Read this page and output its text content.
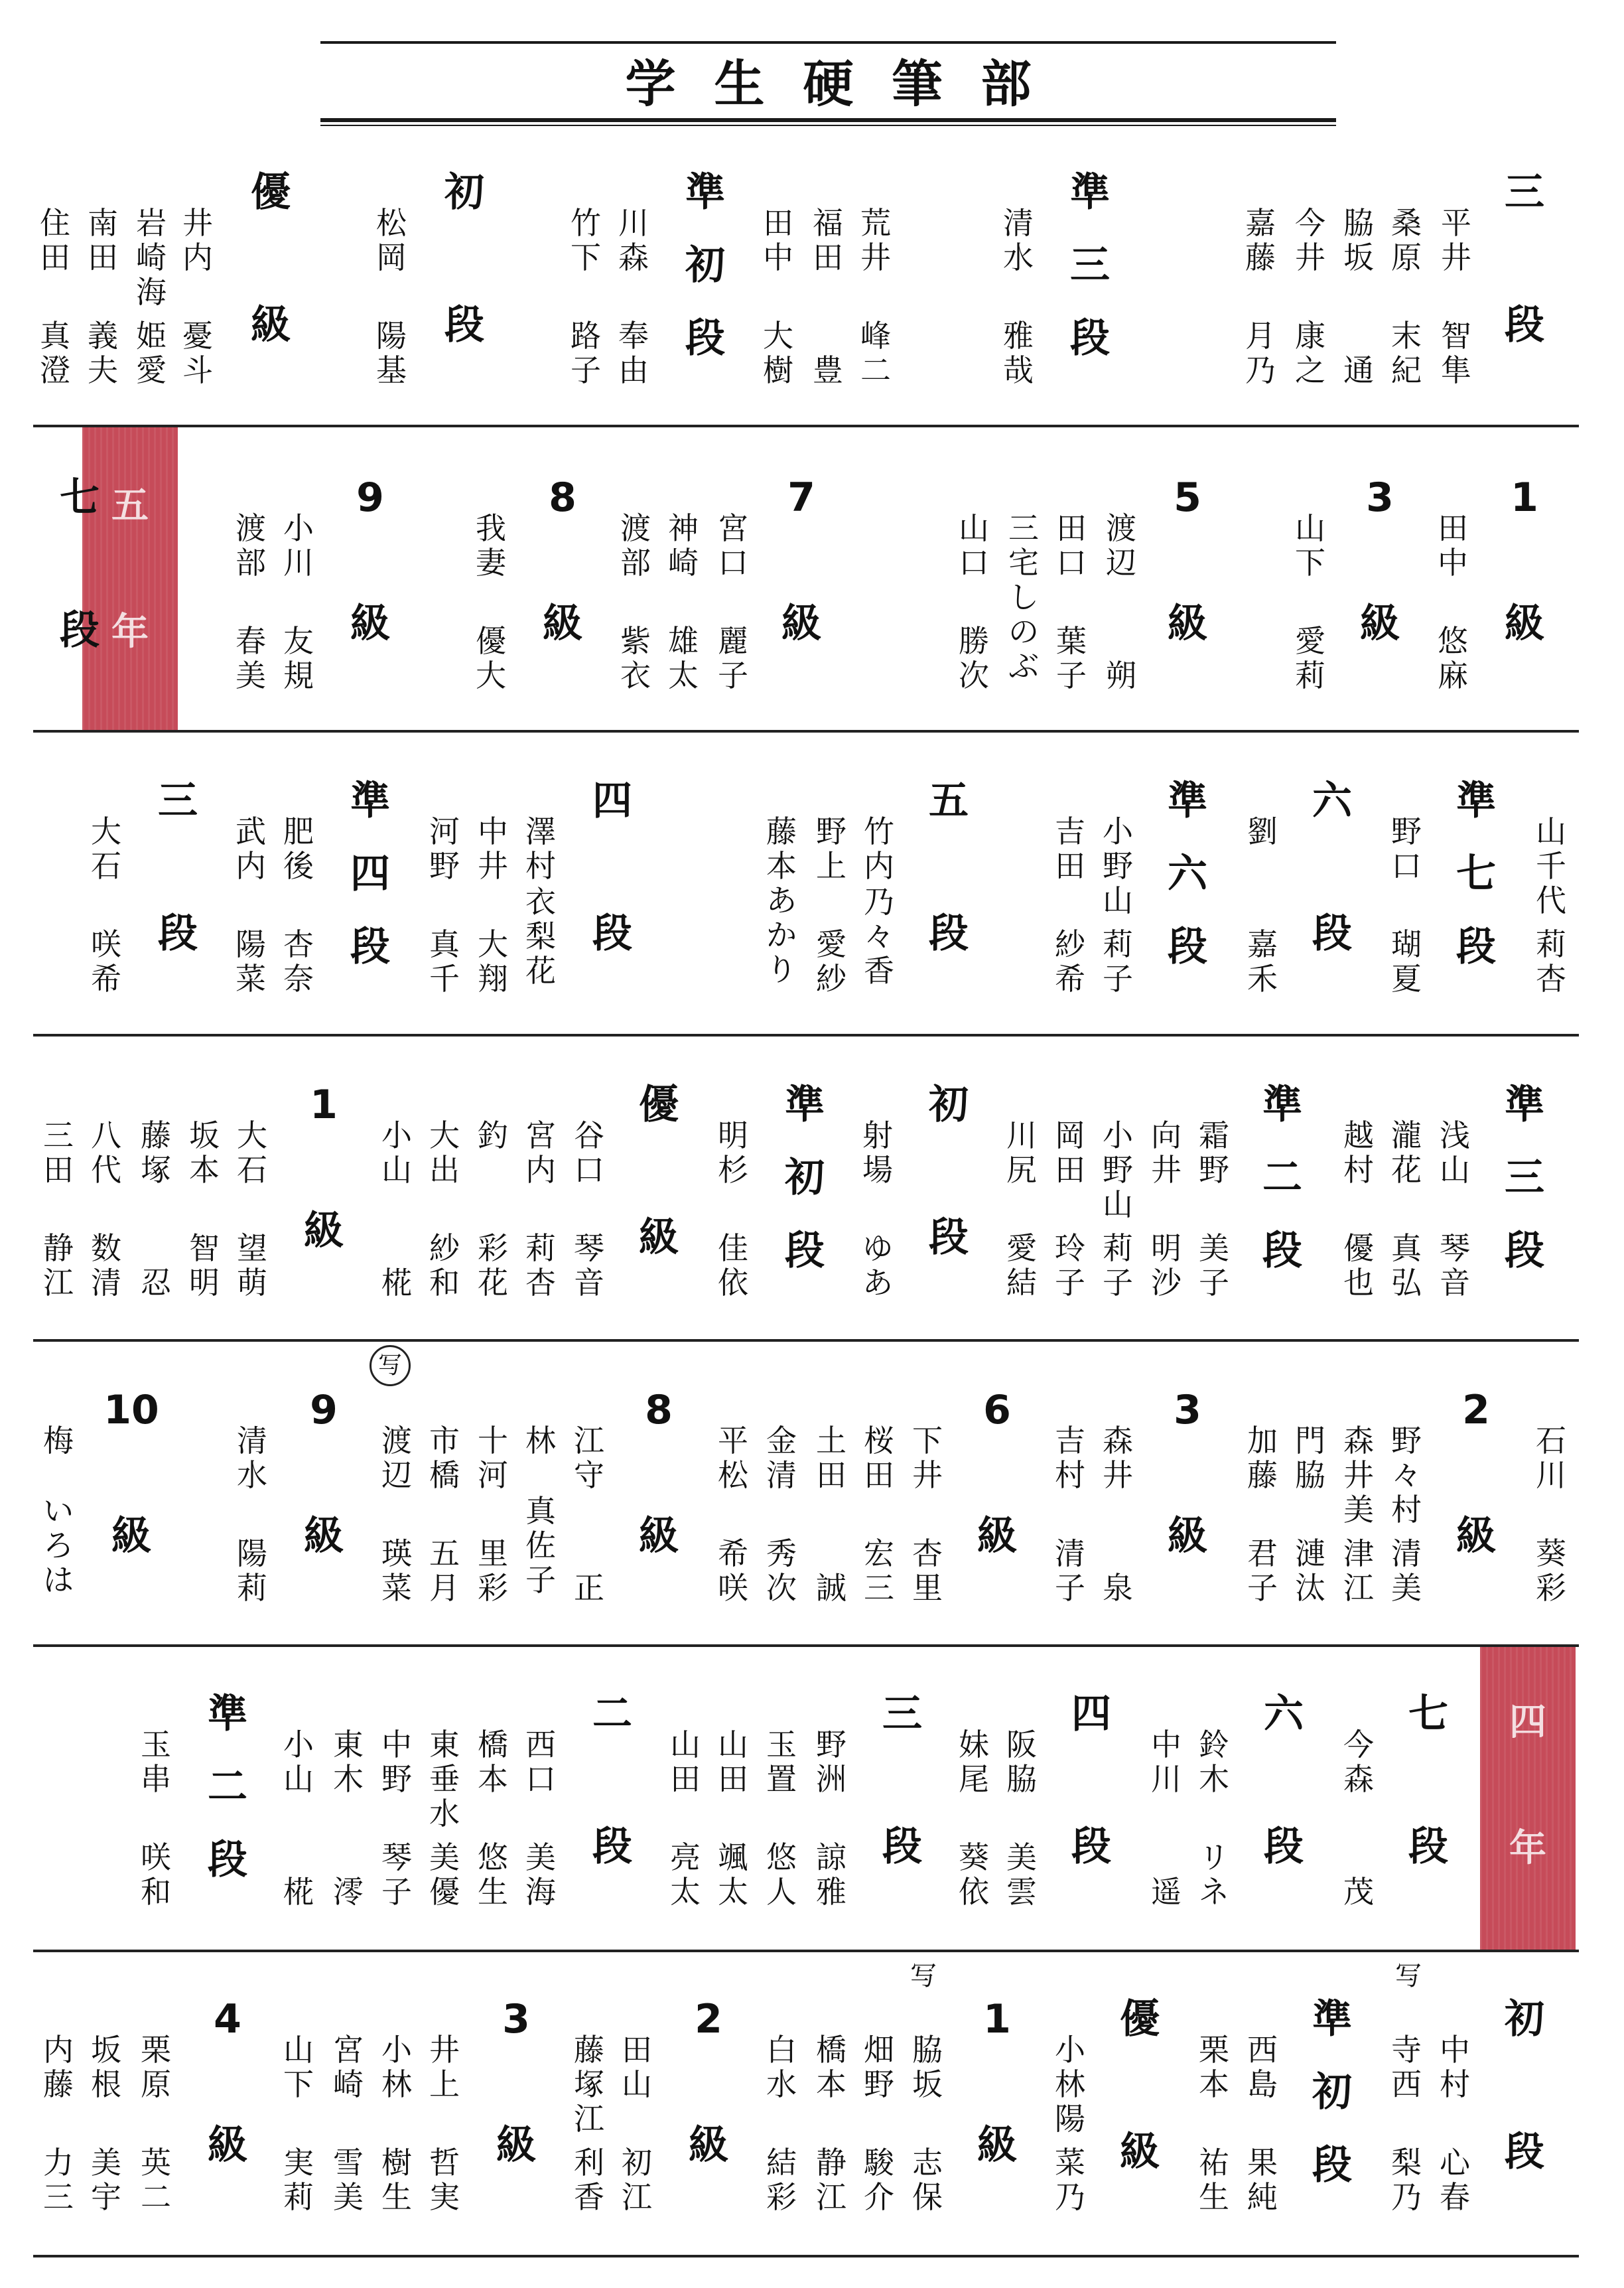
学生硬筆部
三
段
平
井
智
隼
桑
原
末
紀
脇
坂
通
今
井
康
之
嘉
藤
月
乃
準
三
段
清
水
雅
哉
準
初
段
荒
井
峰
二
福
田
豊
田
中
大
樹
初
段
川
森
奉
由
竹
下
路
子
優
級
松
岡
陽
基
井
内
憂
斗
岩
崎
海
姫
愛
南
田
義
夫
住
田
真
澄
五
年
1
級
田
中
悠
麻
3
級
山
下
愛
莉
5
級
渡
辺
朔
田
口
葉
子
三
宅
し
の
ぶ
山
口
勝
次
7
級
宮
口
麗
子
神
崎
雄
太
渡
部
紫
衣
8
級
我
妻
優
大
9
級
小
川
友
規
渡
部
春
美
七
段
山
千
代
莉
杏
準
七
段
野
口
瑚
夏
六
段
劉
嘉
禾
準
六
段
小
野
山
莉
子
吉
田
紗
希
五
段
竹
内
乃
々
香
野
上
愛
紗
藤
本
あ
か
り
四
段
澤
村
衣
梨
花
中
井
大
翔
河
野
真
千
準
四
段
肥
後
杏
奈
武
内
陽
菜
三
段
大
石
咲
希
準
三
段
浅
山
琴
音
瀧
花
真
弘
越
村
優
也
準
二
段
霜
野
美
子
向
井
明
沙
小
野
山
莉
子
岡
田
玲
子
川
尻
愛
結
初
段
射
場
ゆ
あ
準
初
段
明
杉
佳
依
優
級
谷
口
琴
音
宮
内
莉
杏
釣
彩
花
大
出
紗
和
小
山
椛
1
級
大
石
望
萌
坂
本
智
明
藤
塚
忍
八
代
数
清
三
田
静
江
石
川
葵
彩
2
級
野
々
村
清
美
森
井
美
津
江
門
脇
漣
汰
加
藤
君
子
3
級
森
井
泉
吉
村
清
子
6
級
下
井
杏
里
桜
田
宏
三
土
田
誠
金
清
秀
次
平
松
希
咲
8
級
江
守
正
林
真
佐
子
十
河
里
彩
市
橋
五
月
渡
辺
瑛
菜
9
級
清
水
陽
莉
10
級
梅
い
ろ
は
四
年
七
段
今
森
茂
六
段
鈴
木
リ
ネ
中
川
遥
四
段
阪
脇
美
雲
妹
尾
葵
依
三
段
野
洲
諒
雅
玉
置
悠
人
山
田
颯
太
山
田
亮
太
二
段
西
口
美
海
橋
本
悠
生
東
垂
水
美
優
中
野
琴
子
東
木
澪
小
山
椛
準
二
段
玉
串
咲
和
初
段
中
村
心
春
寺
西
梨
乃
準
初
段
西
島
果
純
栗
本
祐
生
優
級
小
林
陽
菜
乃
1
級
脇
坂
志
保
畑
野
駿
介
橋
本
静
江
白
水
結
彩
2
級
田
山
初
江
藤
塚
江
利
香
3
級
井
上
哲
実
小
林
樹
生
宮
崎
雪
美
山
下
実
莉
4
級
栗
原
英
二
坂
根
美
宇
内
藤
力
三
写
写	写
